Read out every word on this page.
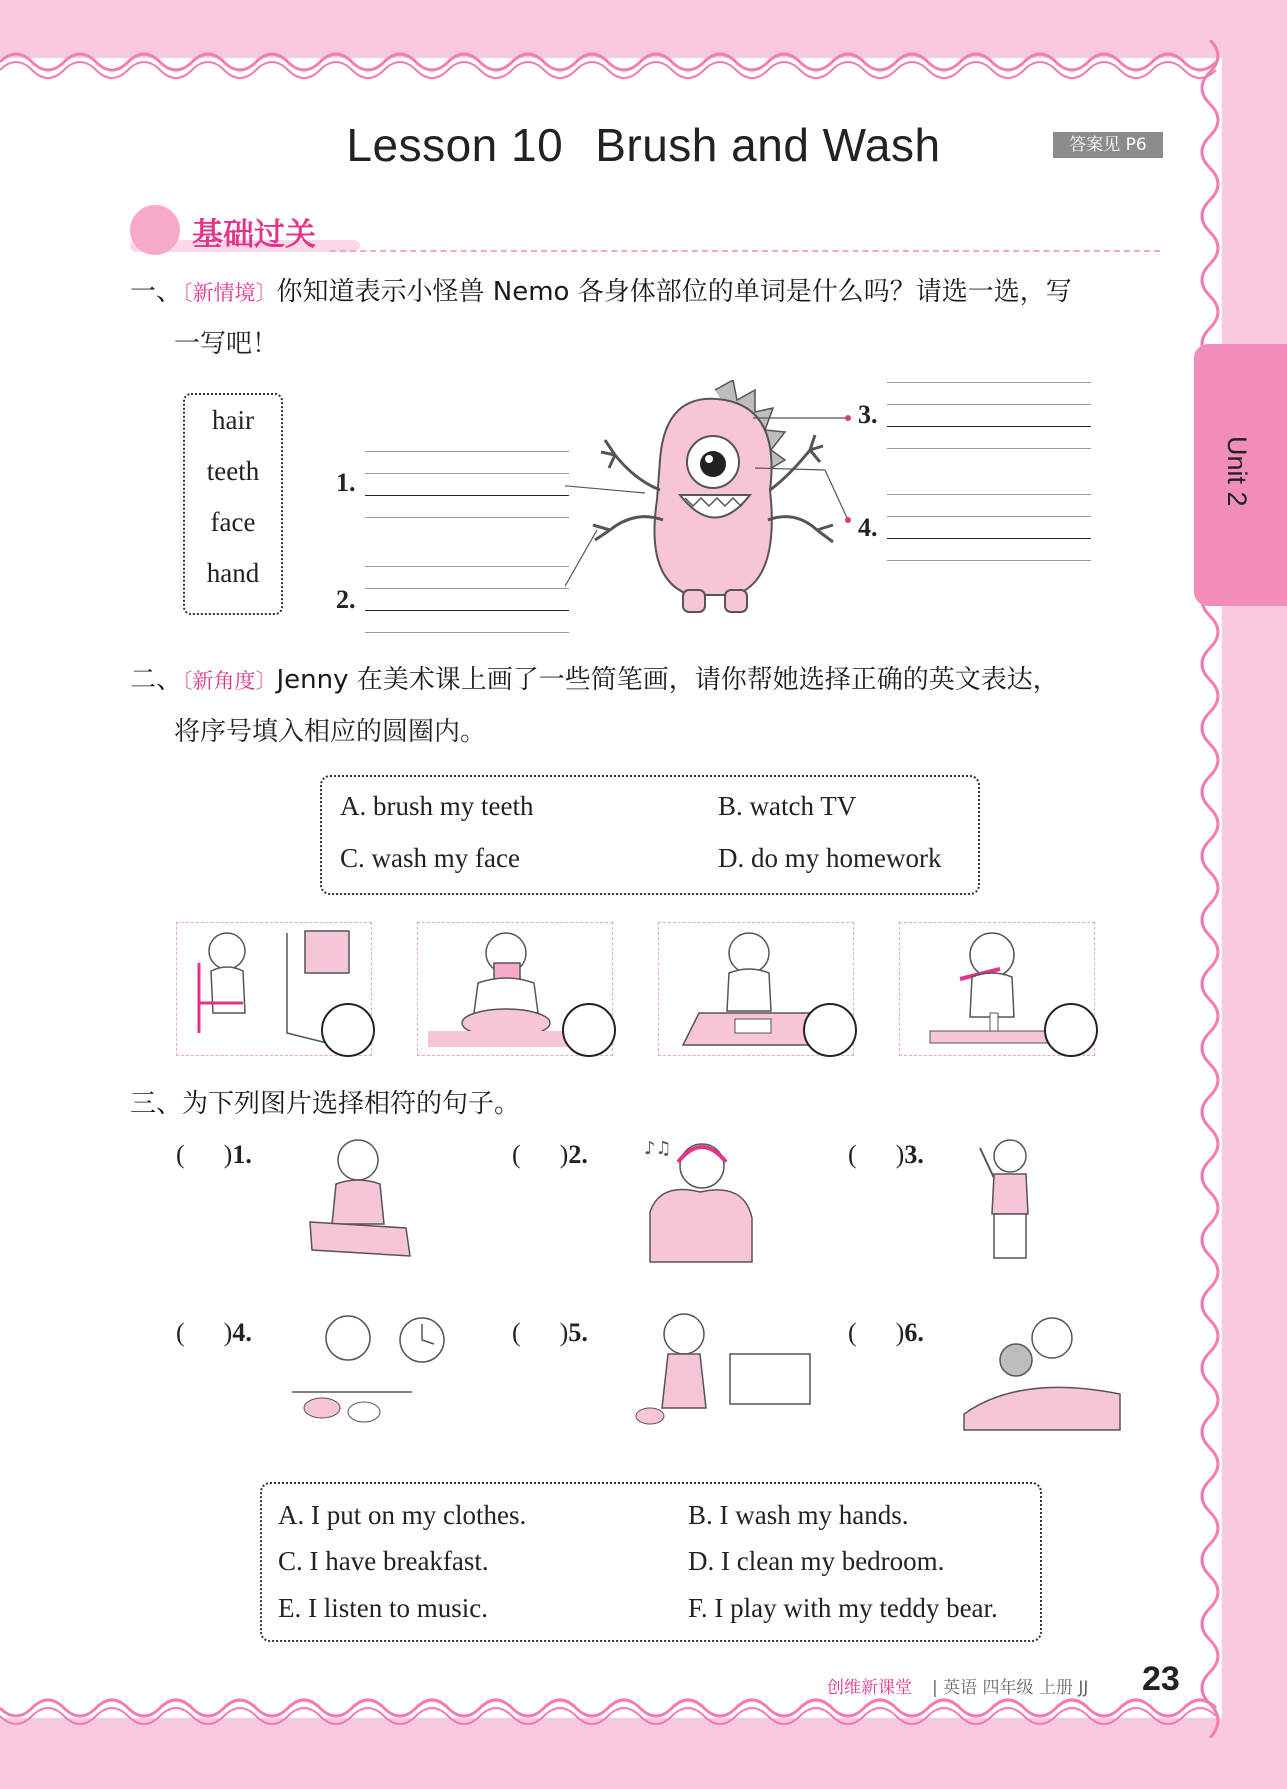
Lesson 10 Brush and Wash	答案见 P6
Unit 2
基础过关
一、〔新情境〕你知道表示小怪兽 Nemo 各身体部位的单词是什么吗？请选一选，写
一写吧！
hair
teeth
face
hand
1.
2.
3.
4.
二、〔新角度〕Jenny 在美术课上画了一些简笔画，请你帮她选择正确的英文表达，
将序号填入相应的圆圈内。
A. brush my teeth	B. watch TV
C. wash my face	D. do my homework
三、为下列图片选择相符的句子。
(      )1.	(      )2.	(      )3.
(      )4.	(      )5.	(      )6.
♪♫
A. I put on my clothes.	B. I wash my hands.
C. I have breakfast.	D. I clean my bedroom.
E. I listen to music.	F. I play with my teddy bear.
创维新课堂 | 英语 四年级 上册 JJ 23
